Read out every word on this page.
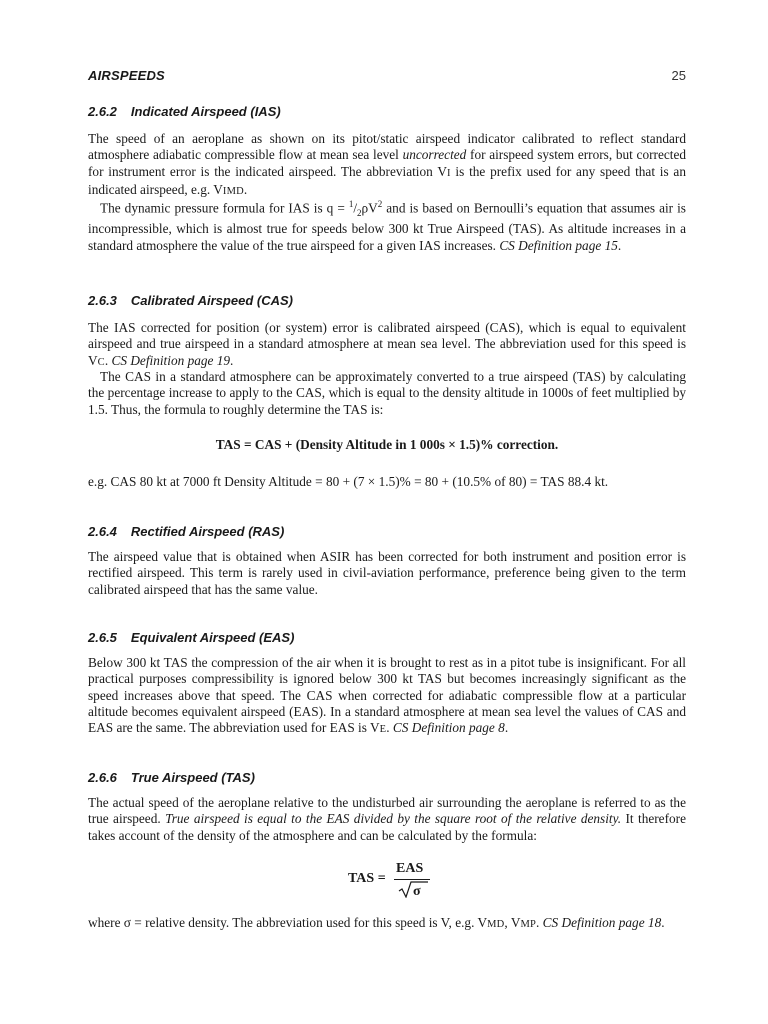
AIRSPEEDS	25
2.6.2 Indicated Airspeed (IAS)

The speed of an aeroplane as shown on its pitot/static airspeed indicator calibrated to reflect standard atmosphere adiabatic compressible flow at mean sea level uncorrected for airspeed system errors, but corrected for instrument error is the indicated airspeed. The abbreviation VI is the prefix used for any speed that is an indicated airspeed, e.g. VIMD.

The dynamic pressure formula for IAS is $q = ^1/_2\rho V^2$ and is based on Bernoulli’s equation that assumes air is incompressible, which is almost true for speeds below 300 kt True Airspeed (TAS). As altitude increases in a standard atmosphere the value of the true airspeed for a given IAS increases. CS Definition page 15.

2.6.3 Calibrated Airspeed (CAS)

The IAS corrected for position (or system) error is calibrated airspeed (CAS), which is equal to equivalent airspeed and true airspeed in a standard atmosphere at mean sea level. The abbreviation used for this speed is VC. CS Definition page 19.

The CAS in a standard atmosphere can be approximately converted to a true airspeed (TAS) by calculating the percentage increase to apply to the CAS, which is equal to the density altitude in 1000s of feet multiplied by 1.5. Thus, the formula to roughly determine the TAS is:

TAS = CAS + (Density Altitude in 1 000s × 1.5)% correction.
e.g. CAS 80 kt at 7000 ft Density Altitude = 80 + (7 × 1.5)% = 80 + (10.5% of 80) = TAS 88.4 kt.
2.6.4 Rectified Airspeed (RAS)

The airspeed value that is obtained when ASIR has been corrected for both instrument and position error is rectified airspeed. This term is rarely used in civil-aviation performance, preference being given to the term calibrated airspeed that has the same value.

2.6.5 Equivalent Airspeed (EAS)

Below 300 kt TAS the compression of the air when it is brought to rest as in a pitot tube is insignificant. For all practical purposes compressibility is ignored below 300 kt TAS but becomes increasingly significant as the speed increases above that speed. The CAS when corrected for adiabatic compressible flow at a particular altitude becomes equivalent airspeed (EAS). In a standard atmosphere at mean sea level the values of CAS and EAS are the same. The abbreviation used for EAS is VE. CS Definition page 8.

2.6.6 True Airspeed (TAS)

The actual speed of the aeroplane relative to the undisturbed air surrounding the aeroplane is referred to as the true airspeed. True airspeed is equal to the EAS divided by the square root of the relative density. It therefore takes account of the density of the atmosphere and can be calculated by the formula:

TAS =
EAS
σ

where σ = relative density. The abbreviation used for this speed is V, e.g. VMD, VMP. CS Definition page 18.
